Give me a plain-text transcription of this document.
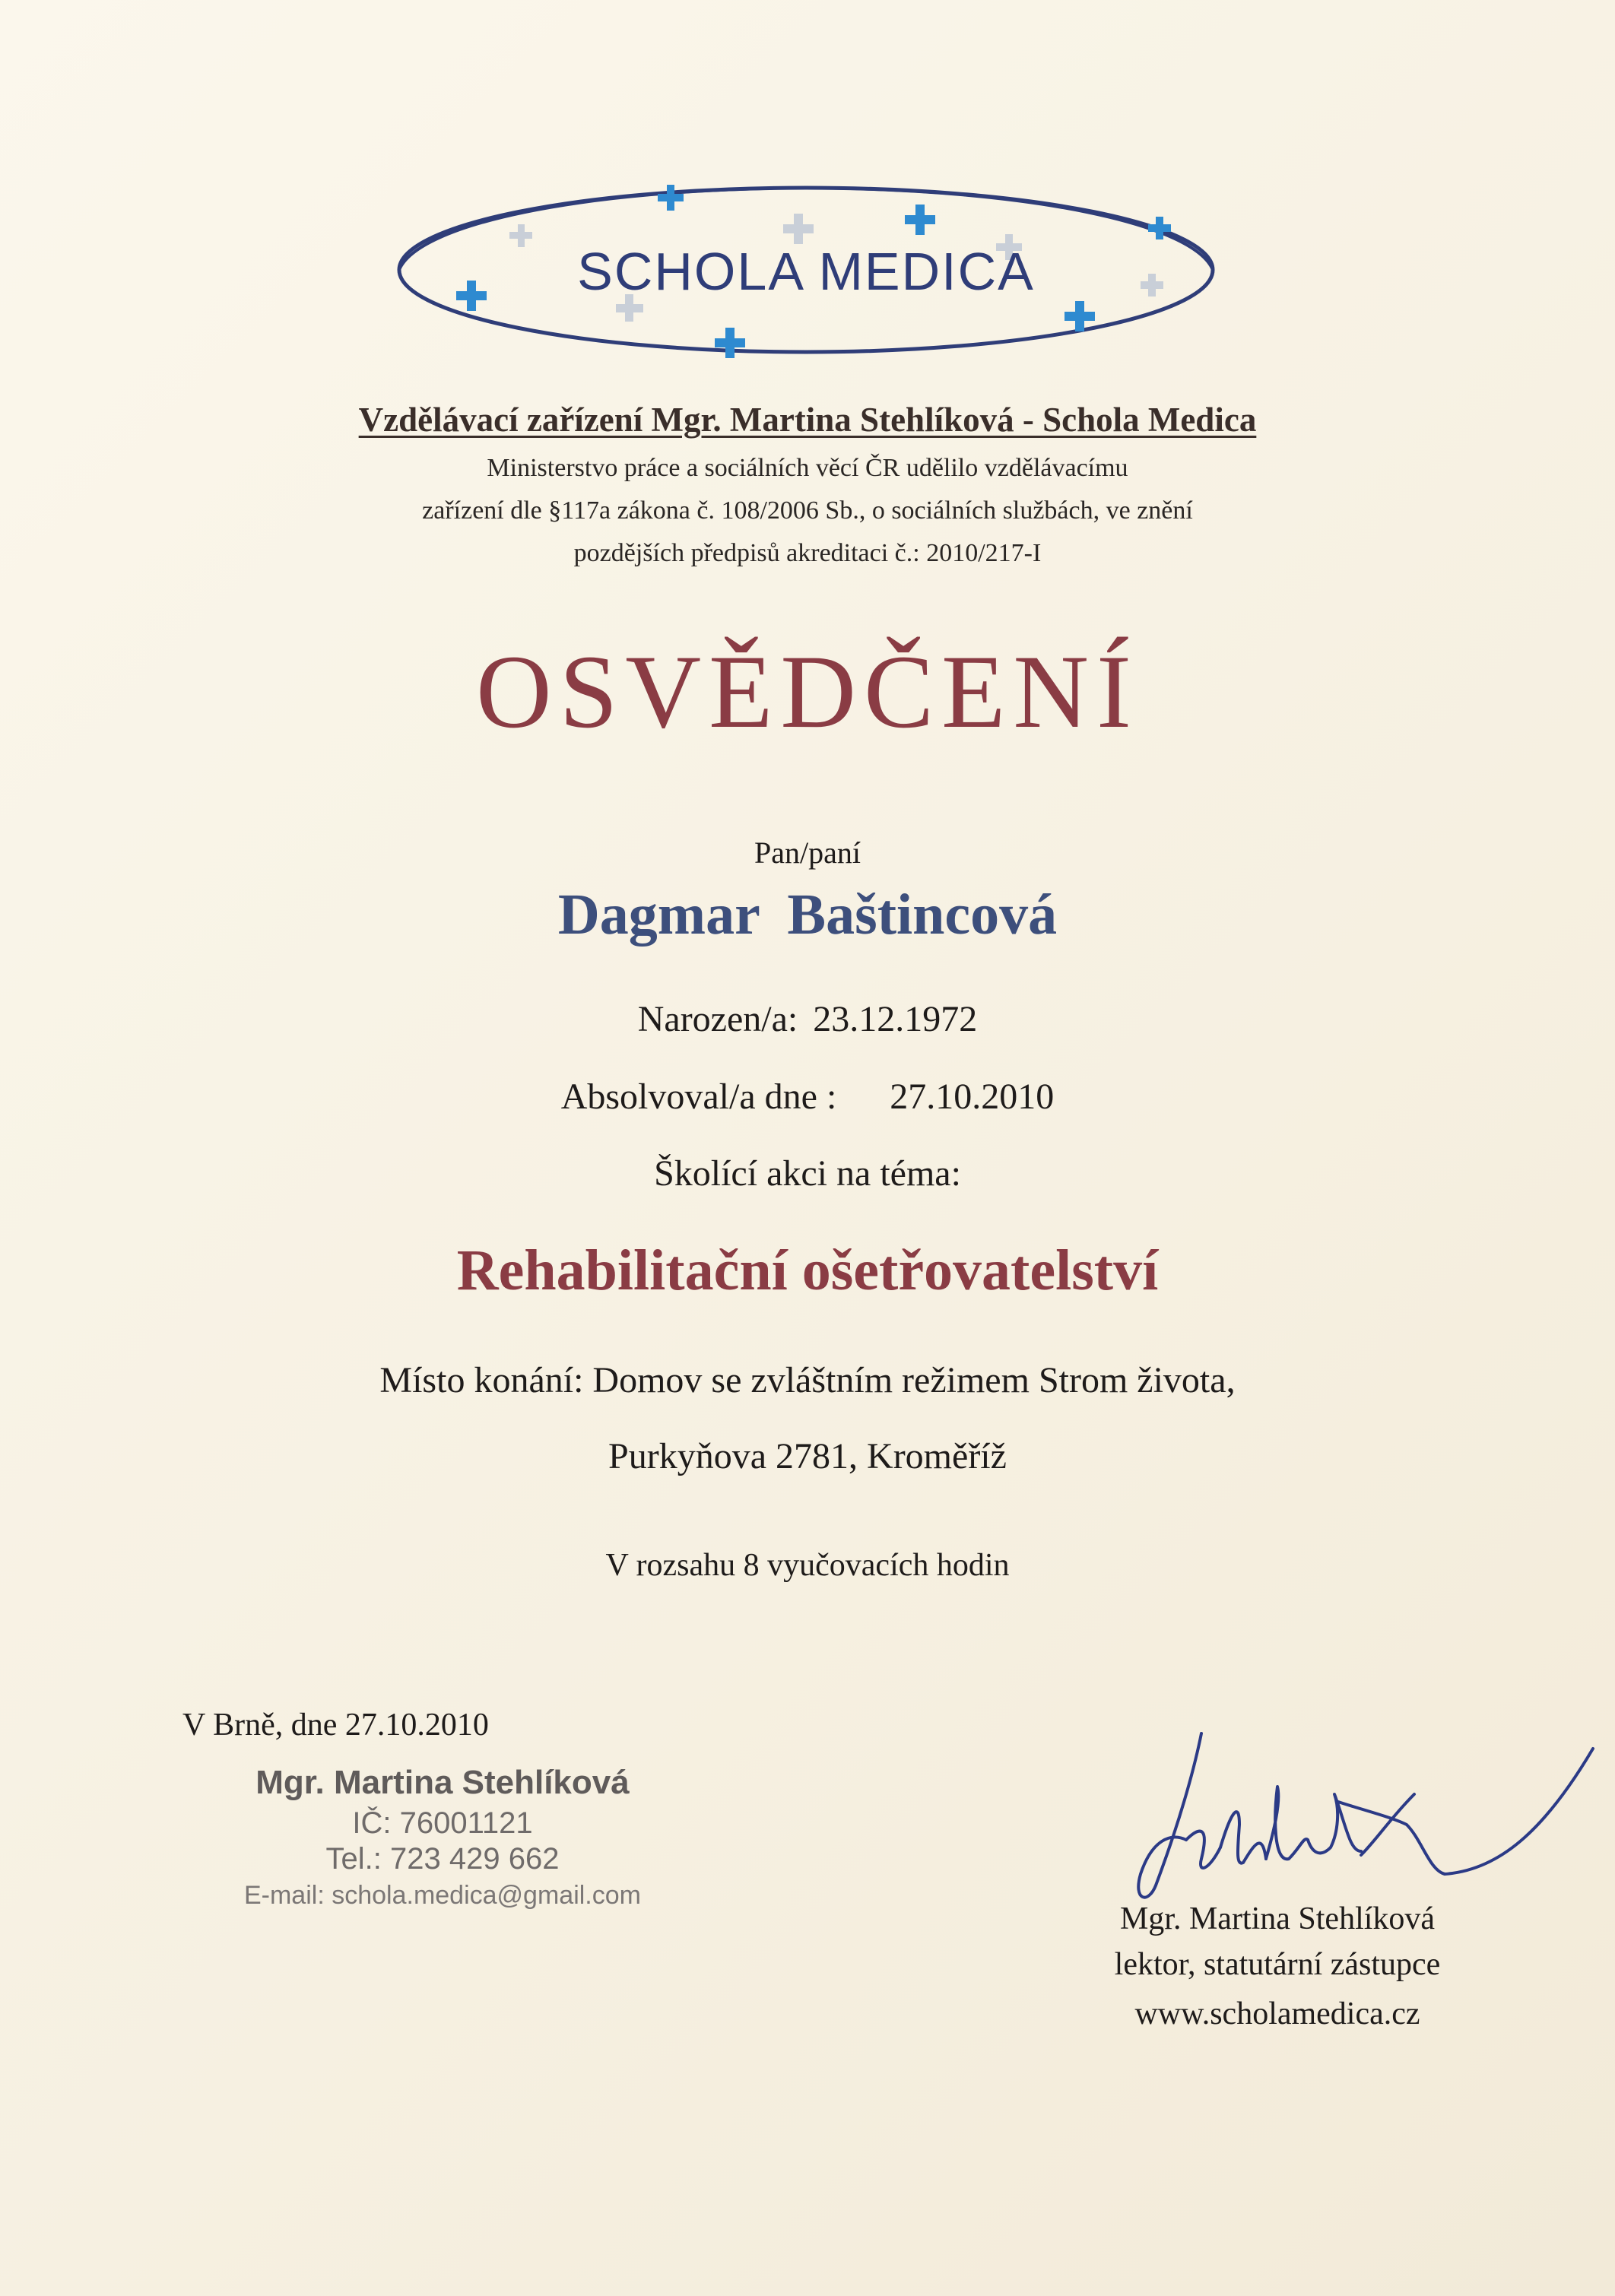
SCHOLA MEDICA
Vzdělávací zařízení Mgr. Martina Stehlíková - Schola Medica
Ministerstvo práce a sociálních věcí ČR udělilo vzdělávacímu
zařízení dle §117a zákona č. 108/2006 Sb., o sociálních službách, ve znění
pozdějších předpisů akreditaci č.: 2010/217-I
OSVĚDČENÍ
Pan/paní
Dagmar Baštincová
Narozen/a: 23.12.1972
Absolvoval/a dne : 27.10.2010
Školící akci na téma:
Rehabilitační ošetřovatelství
Místo konání: Domov se zvláštním režimem Strom života,
Purkyňova 2781, Kroměříž
V rozsahu 8 vyučovacích hodin
V Brně, dne 27.10.2010
Mgr. Martina Stehlíková
IČ: 76001121
Tel.: 723 429 662
E-mail: schola.medica@gmail.com
Mgr. Martina Stehlíková
lektor, statutární zástupce
www.scholamedica.cz
